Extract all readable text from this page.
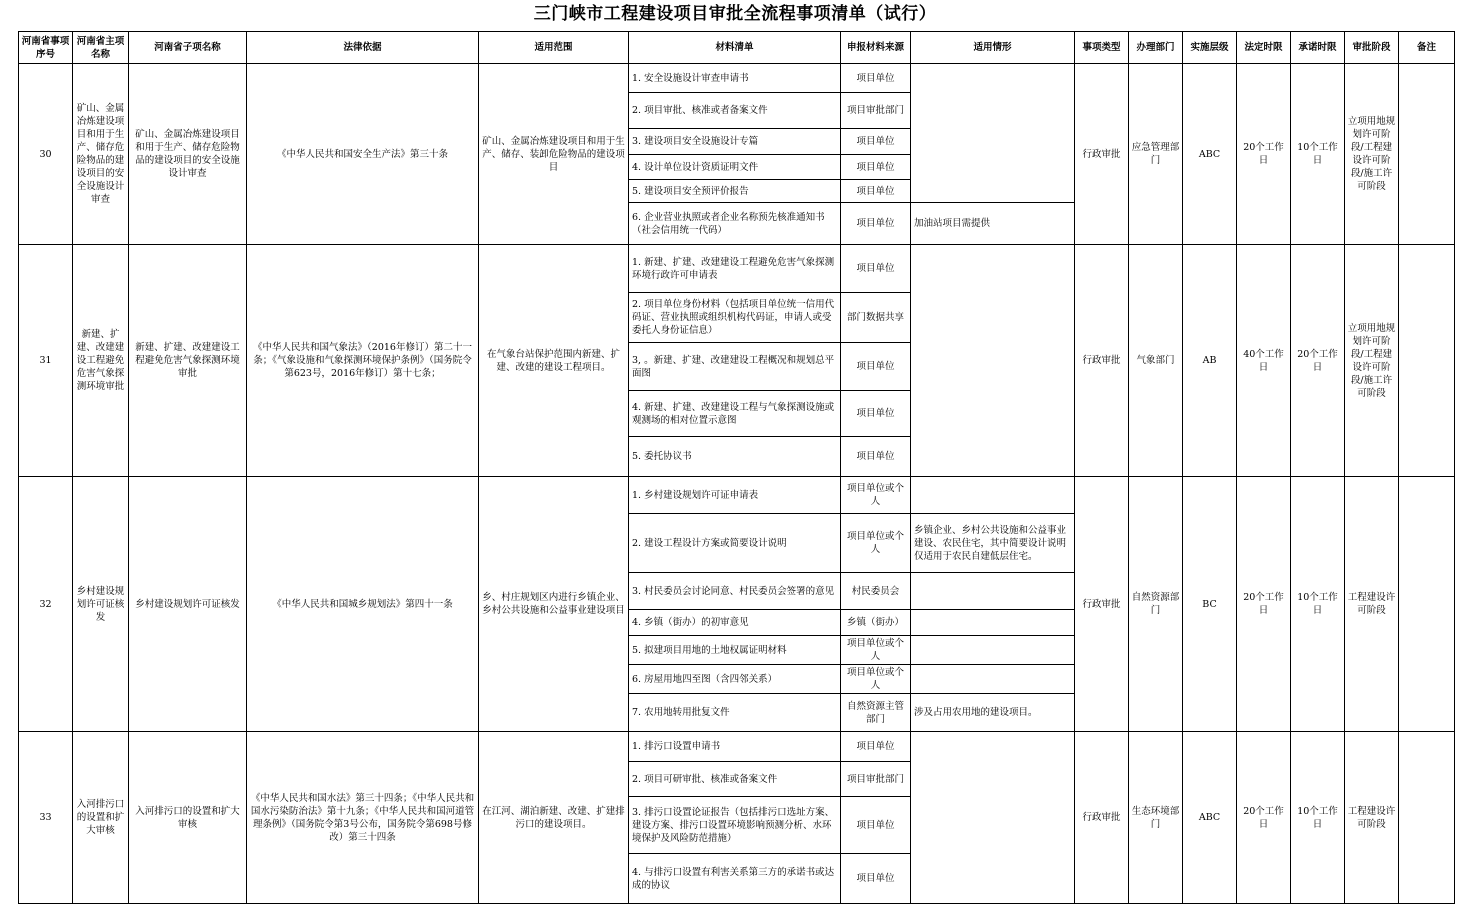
三门峡市工程建设项目审批全流程事项清单（试行）
河南省事项序号	河南省主项名称	河南省子项名称	法律依据	适用范围	材料清单	申报材料来源	适用情形	事项类型	办理部门	实施层级	法定时限	承诺时限	审批阶段	备注
30	矿山、金属冶炼建设项目和用于生产、储存危险物品的建设项目的安全设施设计审查	矿山、金属冶炼建设项目和用于生产、储存危险物品的建设项目的安全设施设计审查	《中华人民共和国安全生产法》第三十条	矿山、金属冶炼建设项目和用于生产、储存、装卸危险物品的建设项目	1. 安全设施设计审查申请书	项目单位		行政审批	应急管理部门	ABC	20个工作日	10个工作日	立项用地规划许可阶段/工程建设许可阶段/施工许可阶段	
					2. 项目审批、核准或者备案文件	项目审批部门								
					3. 建设项目安全设施设计专篇	项目单位								
					4. 设计单位设计资质证明文件	项目单位								
					5. 建设项目安全预评价报告	项目单位								
					6. 企业营业执照或者企业名称预先核准通知书（社会信用统一代码）	项目单位	加油站项目需提供							
31	新建、扩建、改建建设工程避免危害气象探测环境审批	新建、扩建、改建建设工程避免危害气象探测环境审批	《中华人民共和国气象法》（2016年修订）第二十一条；《气象设施和气象探测环境保护条例》（国务院令第623号，2016年修订）第十七条；	在气象台站保护范围内新建、扩建、改建的建设工程项目。	1. 新建、扩建、改建建设工程避免危害气象探测环境行政许可申请表	项目单位		行政审批	气象部门	AB	40个工作日	20个工作日	立项用地规划许可阶段/工程建设许可阶段/施工许可阶段	
					2. 项目单位身份材料（包括项目单位统一信用代码证、营业执照或组织机构代码证，申请人或受委托人身份证信息）	部门数据共享								
					3, 。新建、扩建、改建建设工程概况和规划总平面图	项目单位								
					4. 新建、扩建、改建建设工程与气象探测设施或观测场的相对位置示意图	项目单位								
					5. 委托协议书	项目单位								
32	乡村建设规划许可证核发	乡村建设规划许可证核发	《中华人民共和国城乡规划法》第四十一条	乡、村庄规划区内进行乡镇企业、乡村公共设施和公益事业建设项目	1. 乡村建设规划许可证申请表	项目单位或个人		行政审批	自然资源部门	BC	20个工作日	10个工作日	工程建设许可阶段	
					2. 建设工程设计方案或简要设计说明	项目单位或个人	乡镇企业、乡村公共设施和公益事业建设、农民住宅，其中简要设计说明仅适用于农民自建低层住宅。							
					3. 村民委员会讨论同意、村民委员会签署的意见	村民委员会								
					4. 乡镇（街办）的初审意见	乡镇（街办）								
					5. 拟建项目用地的土地权属证明材料	项目单位或个人								
					6. 房屋用地四至图（含四邻关系）	项目单位或个人								
					7. 农用地转用批复文件	自然资源主管部门	涉及占用农用地的建设项目。							
33	入河排污口的设置和扩大审核	入河排污口的设置和扩大审核	《中华人民共和国水法》第三十四条；《中华人民共和国水污染防治法》第十九条；《中华人民共和国河道管理条例》（国务院令第3号公布，国务院令第698号修改）第三十四条	在江河、湖泊新建、改建、扩建排污口的建设项目。	1. 排污口设置申请书	项目单位		行政审批	生态环境部门	ABC	20个工作日	10个工作日	工程建设许可阶段	
					2. 项目可研审批、核准或备案文件	项目审批部门								
					3. 排污口设置论证报告（包括排污口选址方案、建设方案、排污口设置环境影响预测分析、水环境保护及风险防范措施）	项目单位								
					4. 与排污口设置有利害关系第三方的承诺书或达成的协议	项目单位								
